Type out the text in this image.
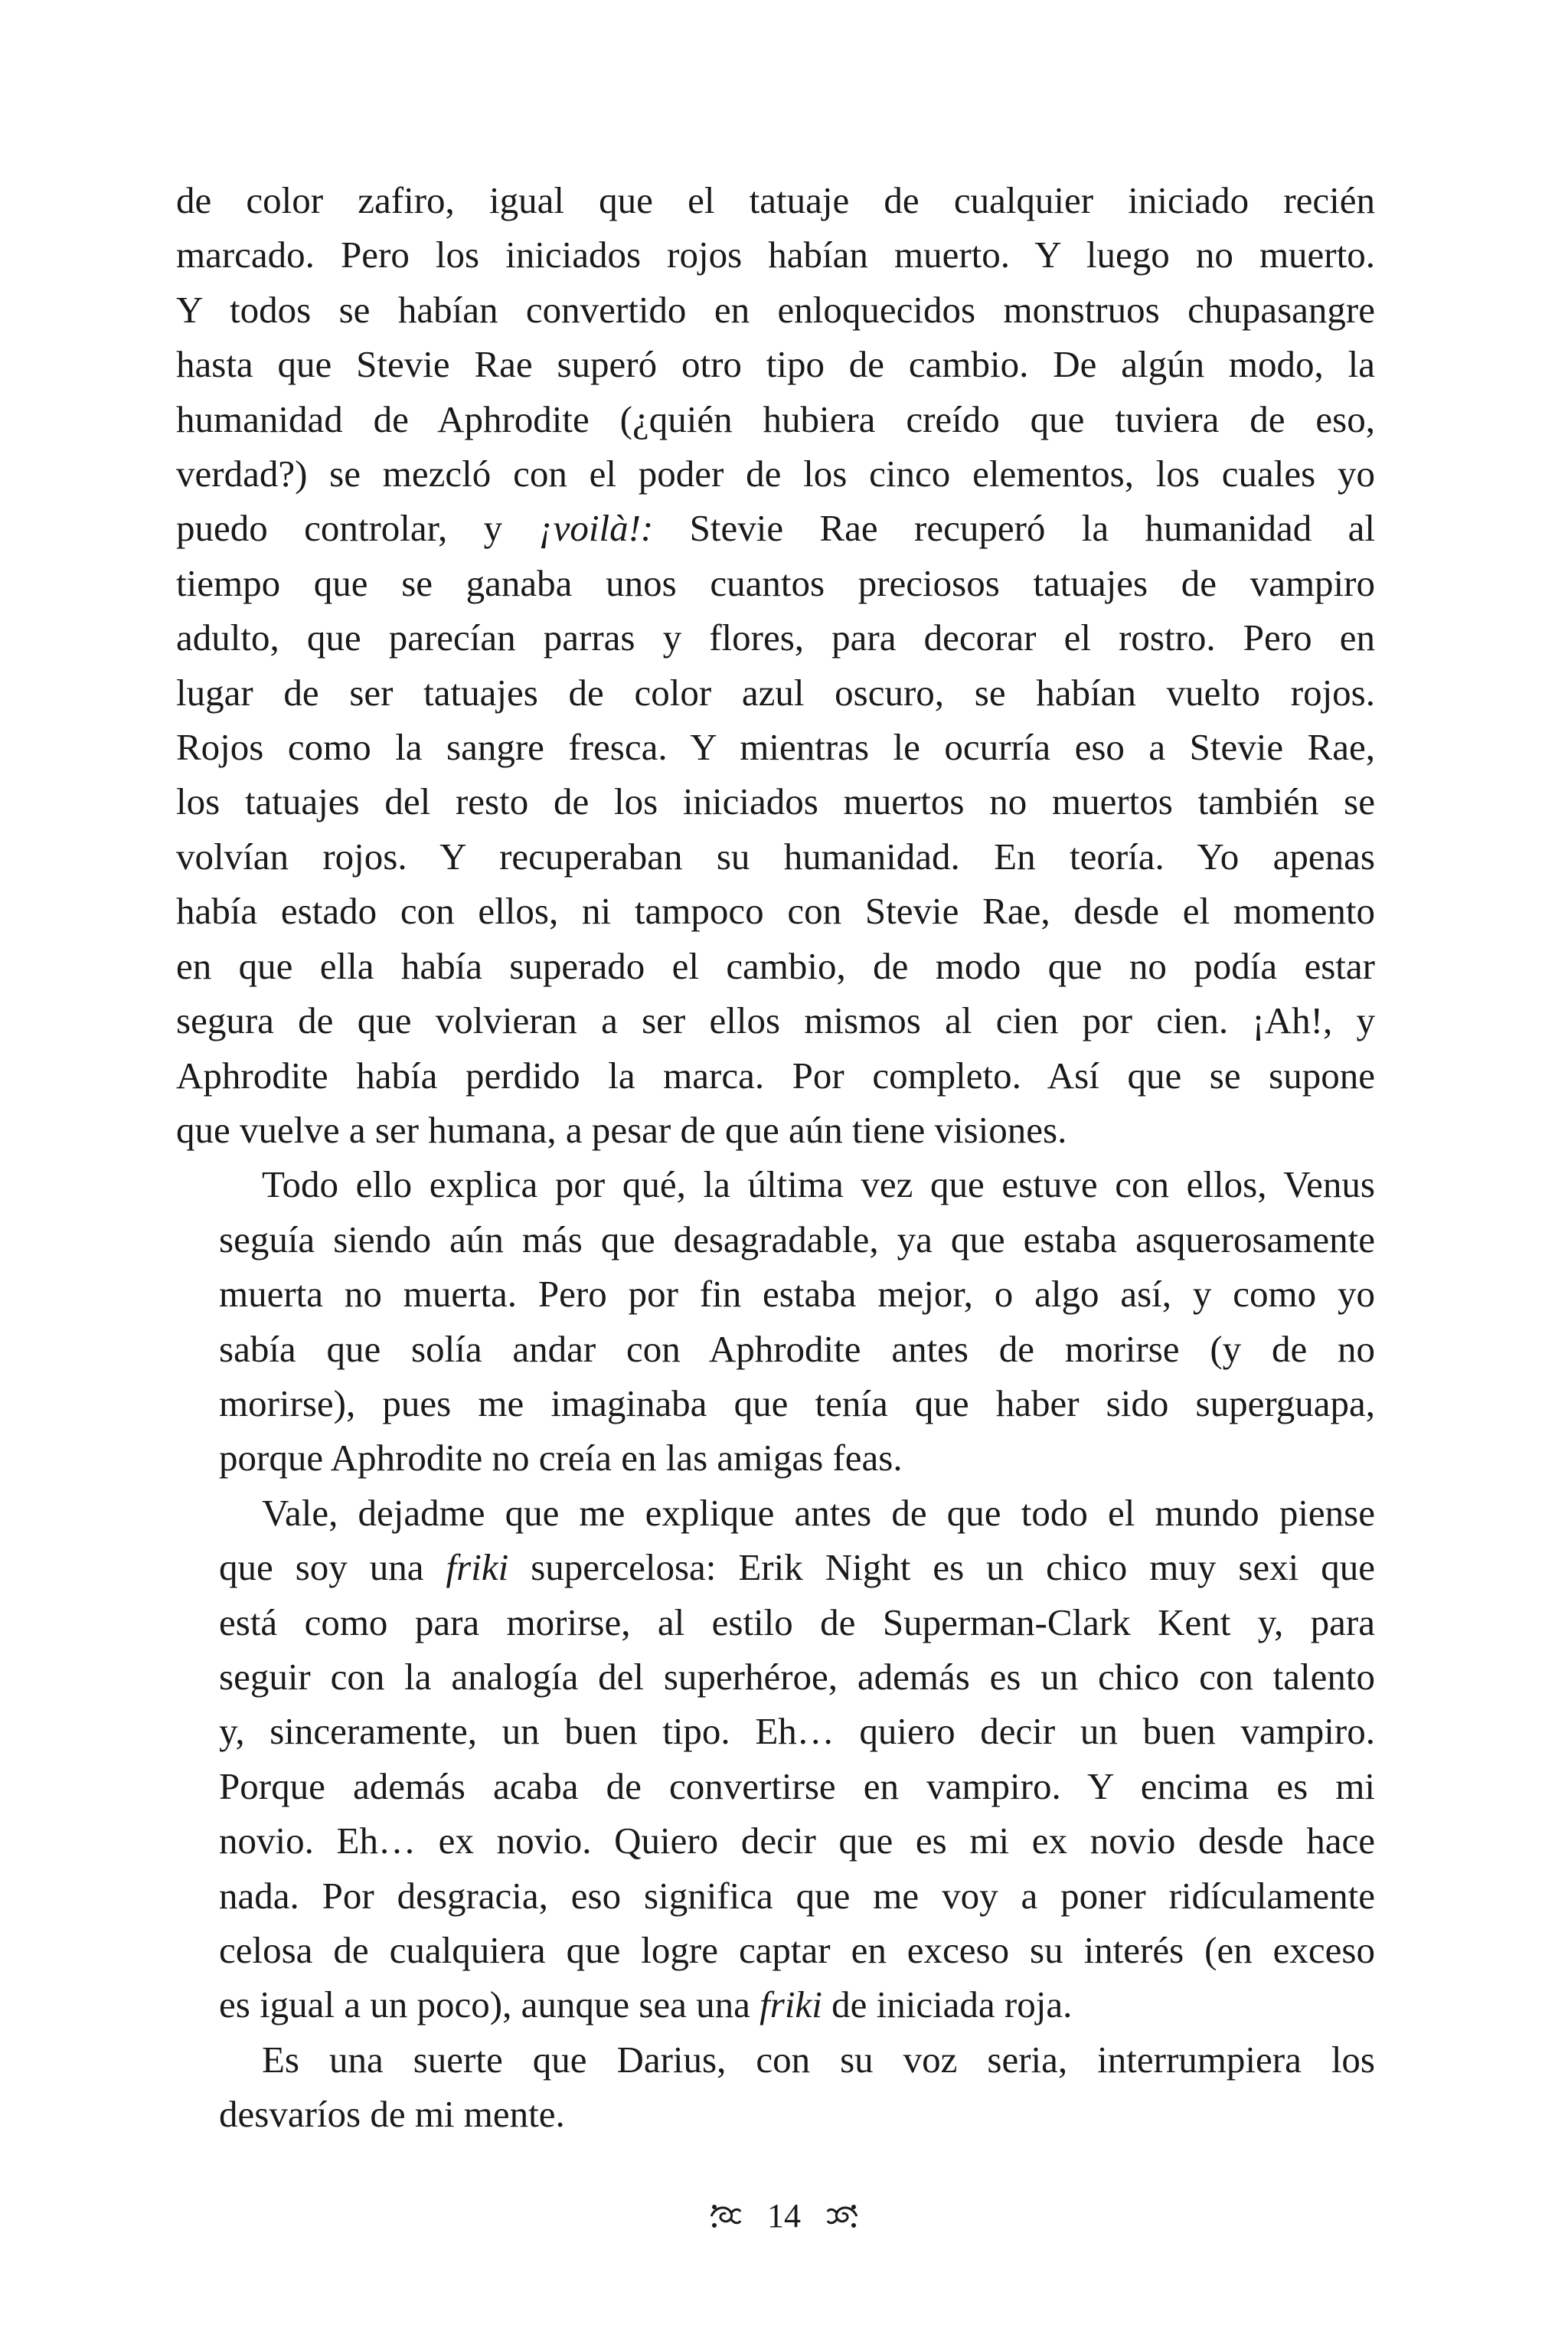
de color zafiro, igual que el tatuaje de cualquier iniciado recién
marcado. Pero los iniciados rojos habían muerto. Y luego no muerto.
Y todos se habían convertido en enloquecidos monstruos chupasangre
hasta que Stevie Rae superó otro tipo de cambio. De algún modo, la
humanidad de Aphrodite (¿quién hubiera creído que tuviera de eso,
verdad?) se mezcló con el poder de los cinco elementos, los cuales yo
puedo controlar, y ¡voilà!: Stevie Rae recuperó la humanidad al
tiempo que se ganaba unos cuantos preciosos tatuajes de vampiro
adulto, que parecían parras y flores, para decorar el rostro. Pero en
lugar de ser tatuajes de color azul oscuro, se habían vuelto rojos.
Rojos como la sangre fresca. Y mientras le ocurría eso a Stevie Rae,
los tatuajes del resto de los iniciados muertos no muertos también se
volvían rojos. Y recuperaban su humanidad. En teoría. Yo apenas
había estado con ellos, ni tampoco con Stevie Rae, desde el momento
en que ella había superado el cambio, de modo que no podía estar
segura de que volvieran a ser ellos mismos al cien por cien. ¡Ah!, y
Aphrodite había perdido la marca. Por completo. Así que se supone
que vuelve a ser humana, a pesar de que aún tiene visiones.

Todo ello explica por qué, la última vez que estuve con ellos, Venus
seguía siendo aún más que desagradable, ya que estaba asquerosamente
muerta no muerta. Pero por fin estaba mejor, o algo así, y como yo
sabía que solía andar con Aphrodite antes de morirse (y de no
morirse), pues me imaginaba que tenía que haber sido superguapa,
porque Aphrodite no creía en las amigas feas.

Vale, dejadme que me explique antes de que todo el mundo piense
que soy una friki supercelosa: Erik Night es un chico muy sexi que
está como para morirse, al estilo de Superman-Clark Kent y, para
seguir con la analogía del superhéroe, además es un chico con talento
y, sinceramente, un buen tipo. Eh… quiero decir un buen vampiro.
Porque además acaba de convertirse en vampiro. Y encima es mi
novio. Eh… ex novio. Quiero decir que es mi ex novio desde hace
nada. Por desgracia, eso significa que me voy a poner ridículamente
celosa de cualquiera que logre captar en exceso su interés (en exceso
es igual a un poco), aunque sea una friki de iniciada roja.

Es una suerte que Darius, con su voz seria, interrumpiera los
desvaríos de mi mente.

14
